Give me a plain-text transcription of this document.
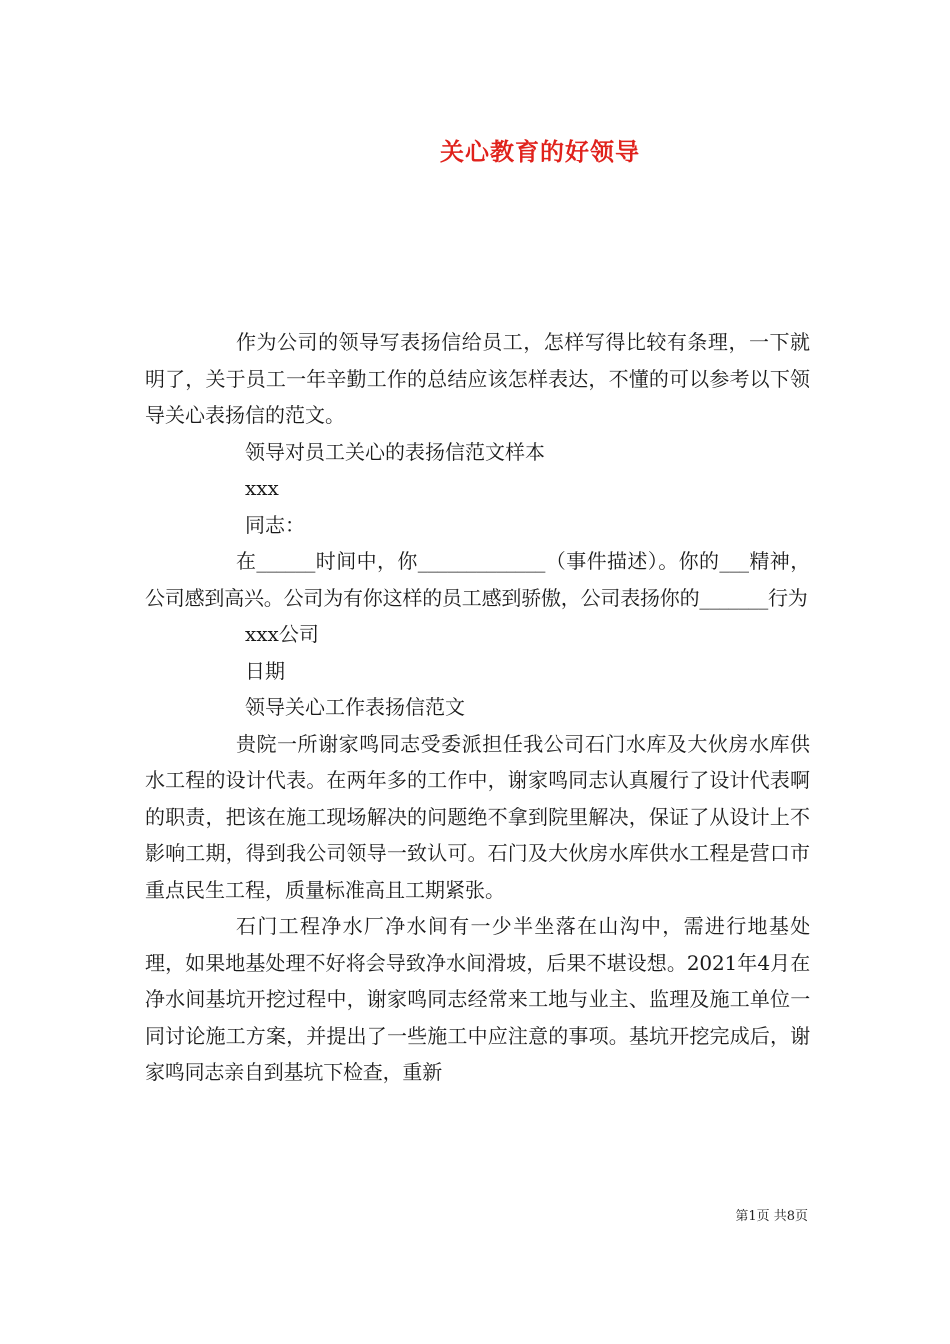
关心教育的好领导

作为公司的领导写表扬信给员工，怎样写得比较有条理，一下就明了，关于员工一年辛勤工作的总结应该怎样表达，不懂的可以参考以下领导关心表扬信的范文。

领导对员工关心的表扬信范文样本

xxx

同志：

在______时间中，你_____________（事件描述）。你的___精神，公司感到高兴。公司为有你这样的员工感到骄傲，公司表扬你的_______行为

xxx公司

日期

领导关心工作表扬信范文

贵院一所谢家鸣同志受委派担任我公司石门水库及大伙房水库供水工程的设计代表。在两年多的工作中，谢家鸣同志认真履行了设计代表啊的职责，把该在施工现场解决的问题绝不拿到院里解决，保证了从设计上不影响工期，得到我公司领导一致认可。石门及大伙房水库供水工程是营口市重点民生工程，质量标准高且工期紧张。

石门工程净水厂净水间有一少半坐落在山沟中，需进行地基处理，如果地基处理不好将会导致净水间滑坡，后果不堪设想。2021年4月在净水间基坑开挖过程中，谢家鸣同志经常来工地与业主、监理及施工单位一同讨论施工方案，并提出了一些施工中应注意的事项。基坑开挖完成后，谢家鸣同志亲自到基坑下检查，重新

第1页 共8页
